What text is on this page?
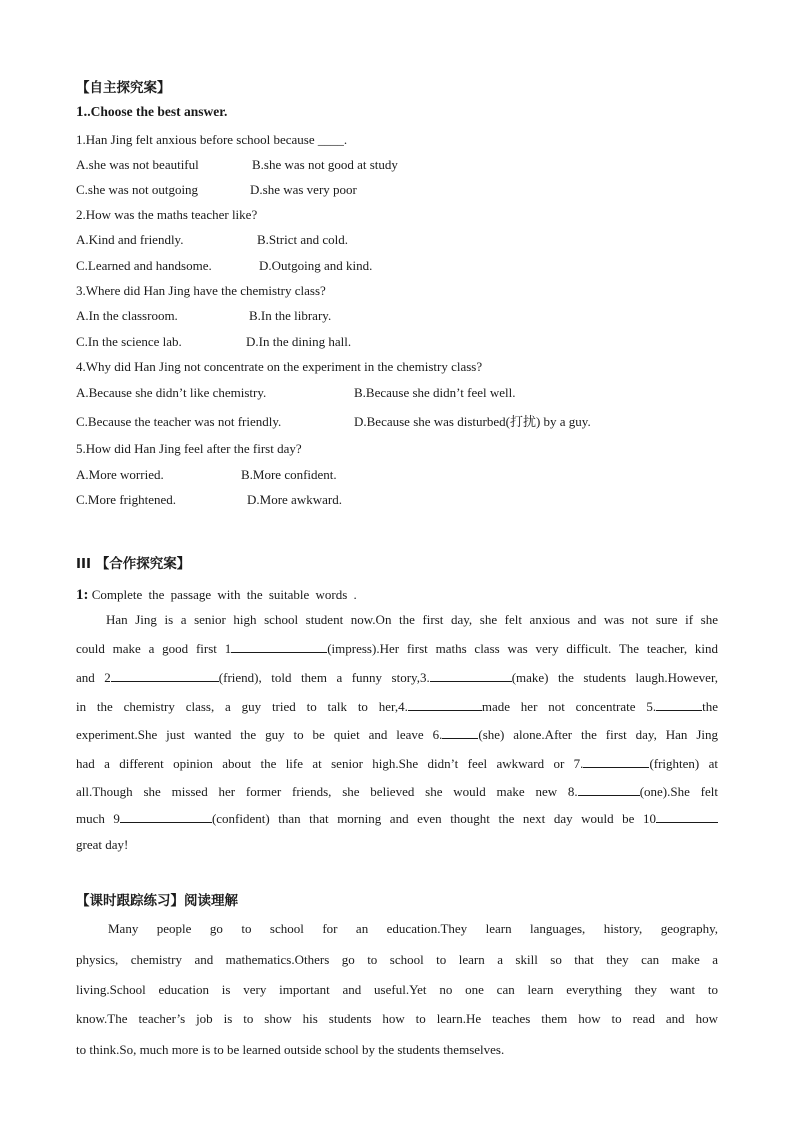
【自主探究案】
1..Choose the best answer.
1.Han Jing felt anxious before school because ____.
A.she was not beautiful	B.she was not good at study
C.she was not outgoing	D.she was very poor
2.How was the maths teacher like?
A.Kind and friendly.	B.Strict and cold.
C.Learned and handsome.	D.Outgoing and kind.
3.Where did Han Jing have the chemistry class?
A.In the classroom.	B.In the library.
C.In the science lab.	D.In the dining hall.
4.Why did Han Jing not concentrate on the experiment in the chemistry class?
A.Because she didn’t like chemistry.	B.Because she didn’t feel well.
C.Because the teacher was not friendly.	D.Because she was disturbed(打扰) by a guy.
5.How did Han Jing feel after the first day?
A.More worried.	B.More confident.
C.More frightened.	D.More awkward.
III 【合作探究案】
1: Complete the passage with the suitable words .
Han Jing is a senior high school student now.On the first day, she felt anxious and was not sure if she
could make a good first 1	(impress).Her first maths class was very difficult. The teacher, kind
and 2	(friend), told them a funny story,3.	(make) the students laugh.However,
in the chemistry class, a guy tried to talk to her,4.	made her not concentrate 5.	the
experiment.She just wanted the guy to be quiet and leave 6.	(she) alone.After the first day, Han Jing
had a different opinion about the life at senior high.She didn’t feel awkward or 7.	(frighten) at
all.Though she missed her former friends, she believed she would make new 8.	(one).She felt
much 9	(confident) than that morning and even thought the next day would be 10
great day!
【课时跟踪练习】阅读理解
Many people go to school for an education.They learn languages, history, geography,
physics, chemistry and mathematics.Others go to school to learn a skill so that they can make a
living.School education is very important and useful.Yet no one can learn everything they want to
know.The teacher’s job is to show his students how to learn.He teaches them how to read and how
to think.So, much more is to be learned outside school by the students themselves.
